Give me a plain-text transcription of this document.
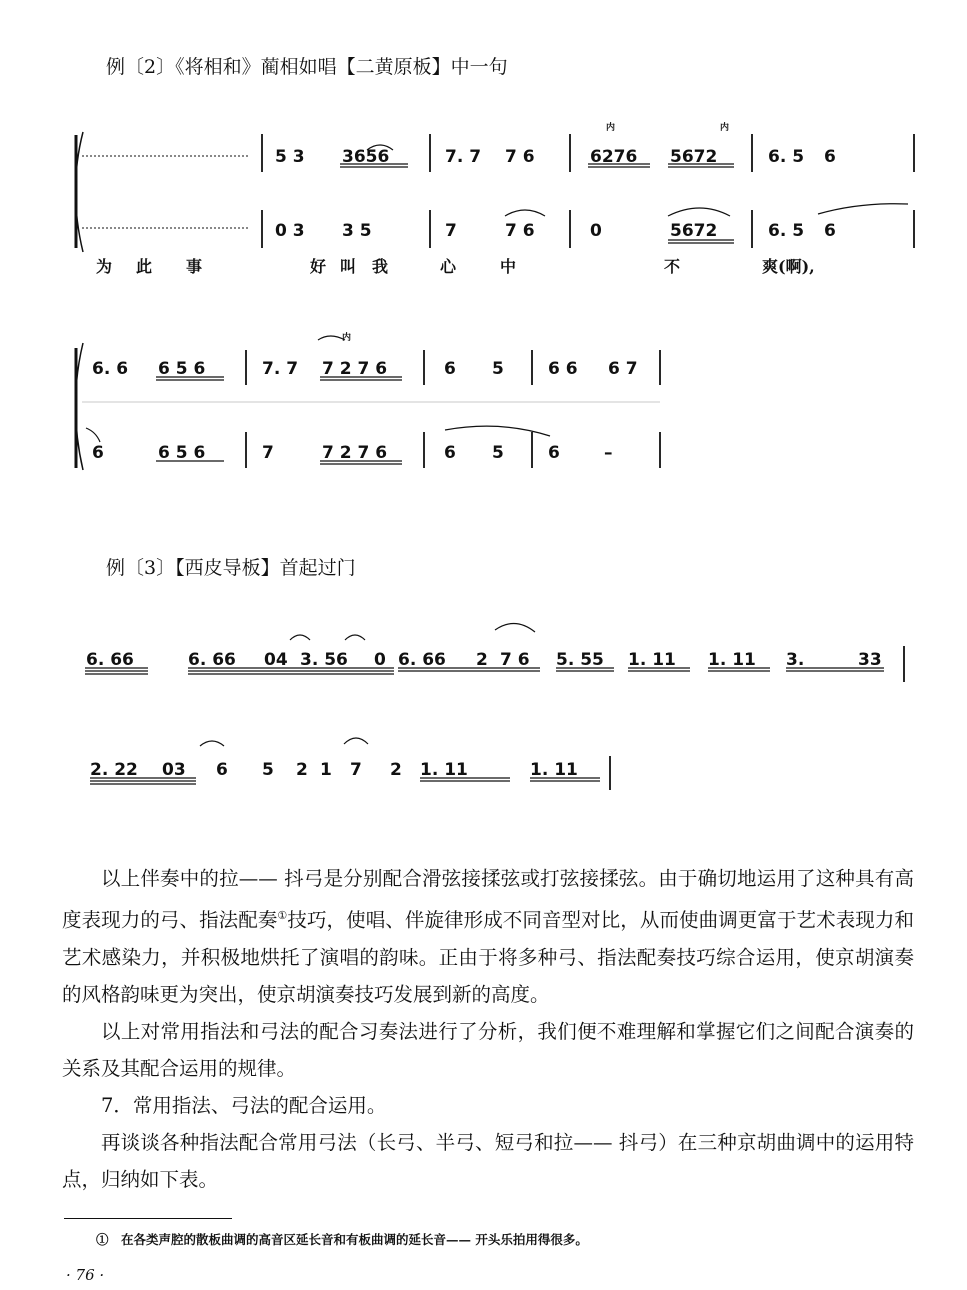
例〔2〕《将相和》蔺相如唱【二黄原板】中一句
5 3 3656	7. 7 7 6	6276 5672	6. 5 6
内	内
0 3 3 5	7	7 6	0	5672	6. 5 6
为 此 事	好 叫 我	心	中	不	爽(啊),
6. 6 6 5 6	7. 7 7 2 7 6	6 5	6 6 6 7
内
6	6 5 6	7	7 2 7 6	6 5	6	–
6. 66	6. 66 04 3. 56 0 6. 66 2 7 6 5. 55 1. 11 1. 11 3.	33
2. 22 03 6 5 2 1 7 2 1. 11	1. 11
例〔3〕【西皮导板】首起过门

以上伴奏中的拉—— 抖弓是分别配合滑弦接揉弦或打弦接揉弦。由于确切地运用了这种具有高度表现力的弓、指法配奏①技巧，使唱、伴旋律形成不同音型对比，从而使曲调更富于艺术表现力和艺术感染力，并积极地烘托了演唱的韵味。正由于将多种弓、指法配奏技巧综合运用，使京胡演奏的风格韵味更为突出，使京胡演奏技巧发展到新的高度。

以上对常用指法和弓法的配合习奏法进行了分析，我们便不难理解和掌握它们之间配合演奏的关系及其配合运用的规律。

7．常用指法、弓法的配合运用。

再谈谈各种指法配合常用弓法（长弓、半弓、短弓和拉—— 抖弓）在三种京胡曲调中的运用特点，归纳如下表。

①　在各类声腔的散板曲调的高音区延长音和有板曲调的延长音—— 开头乐拍用得很多。
· 76 ·
